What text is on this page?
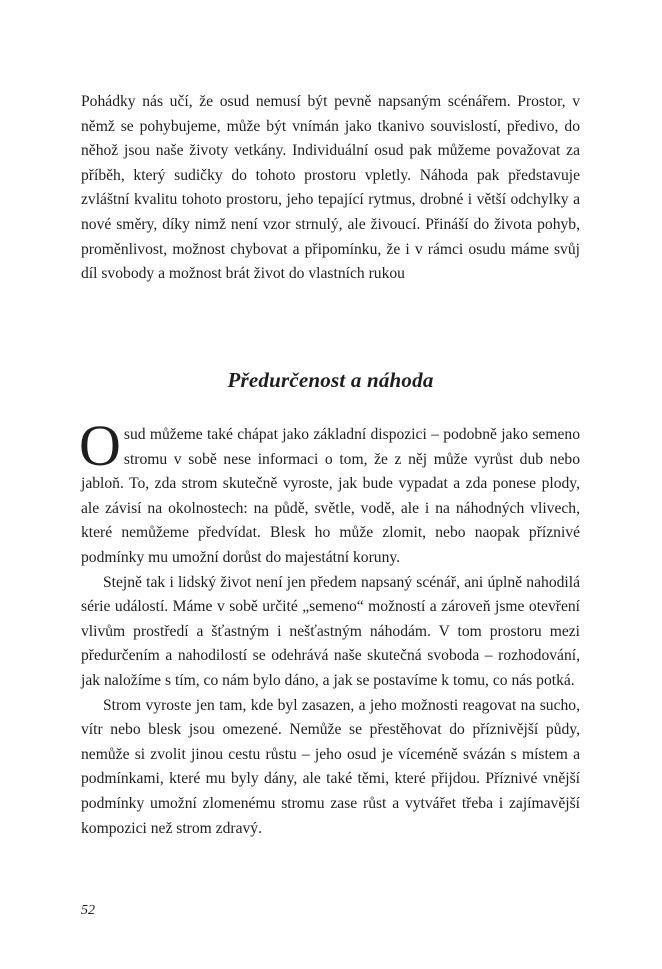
Pohádky nás učí, že osud nemusí být pevně napsaným scénářem. Prostor, v němž se pohybujeme, může být vnímán jako tkanivo souvislostí, předivo, do něhož jsou naše životy vetkány. Individuální osud pak můžeme považovat za příběh, který sudičky do tohoto prostoru vpletly. Náhoda pak představuje zvláštní kvalitu tohoto prostoru, jeho tepající rytmus, drobné i větší odchylky a nové směry, díky nimž není vzor strnulý, ale živoucí. Přináší do života pohyb, proměnlivost, možnost chybovat a připomínku, že i v rámci osudu máme svůj díl svobody a možnost brát život do vlastních rukou

Předurčenost a náhoda

Osud můžeme také chápat jako základní dispozici – podobně jako semeno stromu v sobě nese informaci o tom, že z něj může vyrůst dub nebo jabloň. To, zda strom skutečně vyroste, jak bude vypadat a zda ponese plody, ale závisí na okolnostech: na půdě, světle, vodě, ale i na náhodných vlivech, které nemůžeme předvídat. Blesk ho může zlomit, nebo naopak příznivé podmínky mu umožní dorůst do majestátní koruny.

Stejně tak i lidský život není jen předem napsaný scénář, ani úplně nahodilá série událostí. Máme v sobě určité „semeno“ možností a zároveň jsme otevření vlivům prostředí a šťastným i nešťastným náhodám. V tom prostoru mezi předurčením a nahodilostí se odehrává naše skutečná svoboda – rozhodování, jak naložíme s tím, co nám bylo dáno, a jak se postavíme k tomu, co nás potká.

Strom vyroste jen tam, kde byl zasazen, a jeho možnosti reagovat na sucho, vítr nebo blesk jsou omezené. Nemůže se přestěhovat do příznivější půdy, nemůže si zvolit jinou cestu růstu – jeho osud je víceméně svázán s místem a podmínkami, které mu byly dány, ale také těmi, které přijdou. Příznivé vnější podmínky umožní zlomenému stromu zase růst a vytvářet třeba i zajímavější kompozici než strom zdravý.

52
